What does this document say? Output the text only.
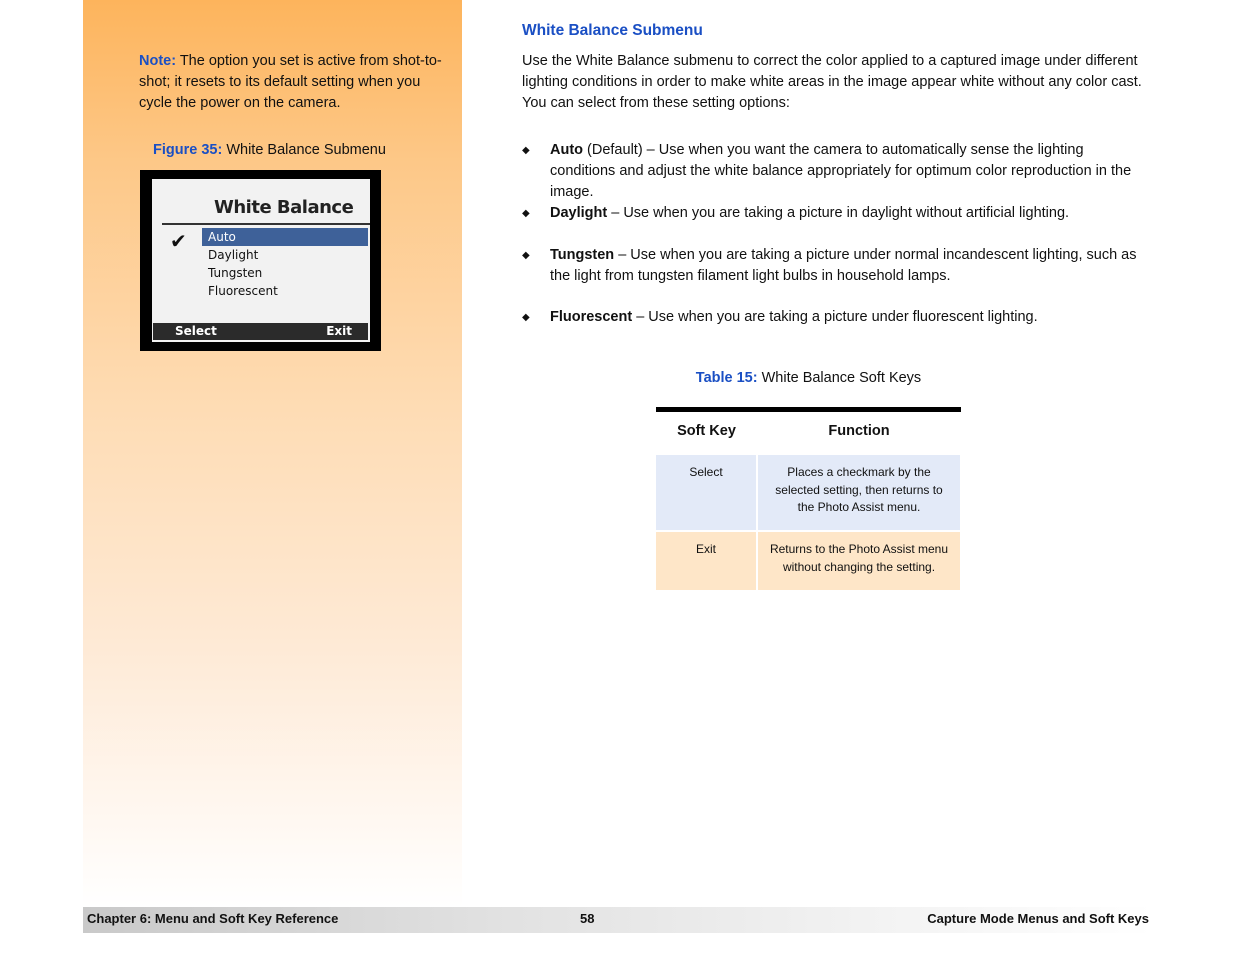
Note: The option you set is active from shot-to-shot; it resets to its default setting when you cycle the power on the camera.
Figure 35: White Balance Submenu
White Balance
✔	Auto
Daylight
Tungsten
Fluorescent
Select	Exit
White Balance Submenu
Use the White Balance submenu to correct the color applied to a captured image under different lighting conditions in order to make white areas in the image appear white without any color cast. You can select from these setting options:
◆ Auto (Default) – Use when you want the camera to automatically sense the lighting conditions and adjust the white balance appropriately for optimum color reproduction in the image.
◆ Daylight – Use when you are taking a picture in daylight without artificial lighting.
◆ Tungsten – Use when you are taking a picture under normal incandescent lighting, such as the light from tungsten filament light bulbs in household lamps.
◆ Fluorescent – Use when you are taking a picture under fluorescent lighting.
Table 15: White Balance Soft Keys
Soft Key	Function
Select	Places a checkmark by the selected setting, then returns to the Photo Assist menu.
Exit	Returns to the Photo Assist menu without changing the setting.
Chapter 6: Menu and Soft Key Reference	58	Capture Mode Menus and Soft Keys
